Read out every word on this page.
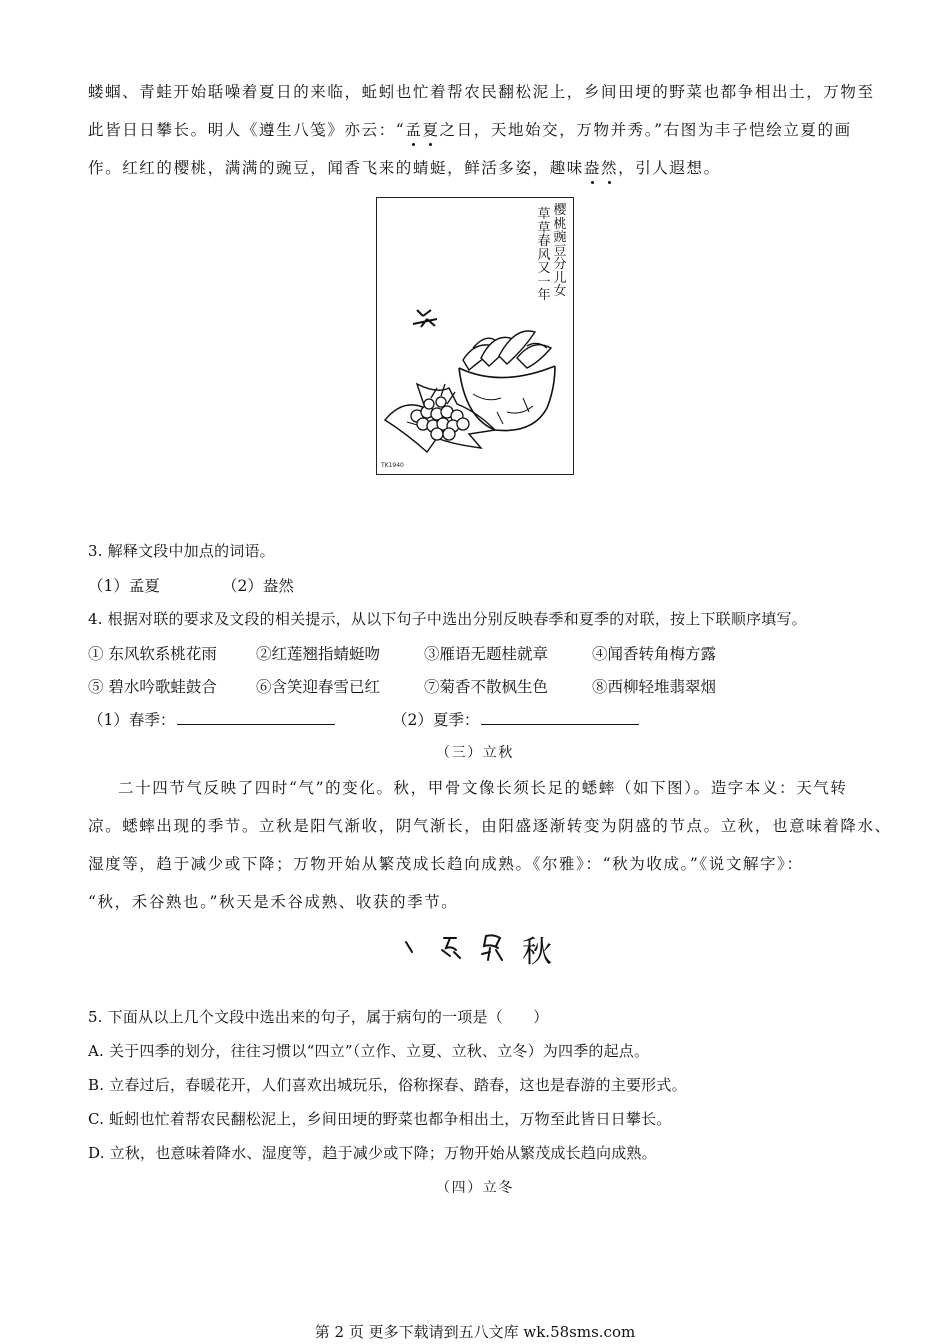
蝼蝈、青蛙开始聒噪着夏日的来临，蚯蚓也忙着帮农民翻松泥上，乡间田埂的野菜也都争相出土，万物至
此皆日日攀长。明人《遵生八笺》亦云：“孟夏之日，天地始交，万物并秀。”右图为丰子恺绘立夏的画
作。红红的樱桃，满满的豌豆，闻香飞来的蜻蜓，鲜活多姿，趣味盎然，引人遐想。
樱桃豌豆分儿女
草草春风又一年
TK1940
3. 解释文段中加点的词语。
（1）孟夏	（2）盎然
4. 根据对联的要求及文段的相关提示，从以下句子中选出分别反映春季和夏季的对联，按上下联顺序填写。
① 东风软系桃花雨	②红莲翘指蜻蜓吻	③雁语无题桂就章	④闻香转角梅方露
⑤ 碧水吟歌蛙鼓合	⑥含笑迎春雪已红	⑦菊香不散枫生色	⑧西柳轻堆翡翠烟
（1）春季：	（2）夏季：
（三）立秋
二十四节气反映了四时“气”的变化。秋，甲骨文像长须长足的蟋蟀（如下图）。造字本义：天气转
凉。蟋蟀出现的季节。立秋是阳气渐收，阴气渐长，由阳盛逐渐转变为阴盛的节点。立秋，也意味着降水、
湿度等，趋于减少或下降；万物开始从繁茂成长趋向成熟。《尔雅》：“秋为收成。”《说文解字》：
“秋，禾谷熟也。”秋天是禾谷成熟、收获的季节。
秋
5. 下面从以上几个文段中选出来的句子，属于病句的一项是（　　）
A. 关于四季的划分，往往习惯以“四立”（立作、立夏、立秋、立冬）为四季的起点。
B. 立春过后，春暖花开，人们喜欢出城玩乐，俗称探春、踏春，这也是春游的主要形式。
C. 蚯蚓也忙着帮农民翻松泥上，乡间田埂的野菜也都争相出土，万物至此皆日日攀长。
D. 立秋，也意味着降水、湿度等，趋于减少或下降；万物开始从繁茂成长趋向成熟。
（四）立冬
第 2 页 更多下载请到五八文库 wk.58sms.com
